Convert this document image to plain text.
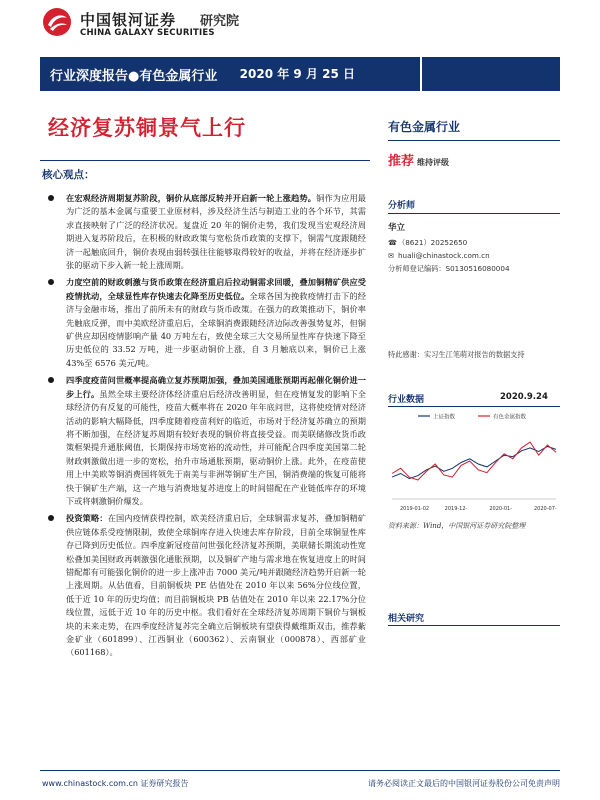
中国银河证券
CHINA GALAXY SECURITIES
研究院
行业深度报告●有色金属行业 2020 年 9 月 25 日
经济复苏铜景气上行
核心观点：
在宏观经济周期复苏阶段，铜价从底部反转并开启新一轮上涨趋势。铜作为应用最为广泛的基本金属与重要工业原材料，涉及经济生活与制造工业的各个环节，其需求直接映射了广泛的经济状况。复盘近 20 年的铜价走势，我们发现当宏观经济周期进入复苏阶段后，在积极的财政政策与宽松货币政策的支撑下，铜需气度跟随经济一起触底回升，铜价表现由弱转强往往能够取得较好的收益，并将在经济逐步扩张的驱动下步入新一轮上涨周期。
力度空前的财政刺激与货币政策在经济重启后拉动铜需求回暖，叠加铜精矿供应受疫情扰动，全球显性库存快速去化降至历史低位。全球各国为挽救疫情打击下的经济与金融市场，推出了前所未有的财政与货币政策。在强力的政策推动下，铜价率先触底反弹，而中美欧经济重启后，全球铜消费跟随经济边际改善强势复苏，但铜矿供应却因疫情影响产量 40 万吨左右，致使全球三大交易所显性库存快速下降至历史低位的 33.52 万吨，进一步驱动铜价上涨，自 3 月触底以来，铜价已上涨 43%至 6576 美元/吨。
四季度疫苗问世概率提高确立复苏预期加强，叠加美国通胀预期再起催化铜价进一步上行。虽然全球主要经济体经济重启后经济改善明显，但在疫情复发的影响下全球经济仍有反复的可能性，疫苗大概率将在 2020 年年底问世，这将使疫情对经济活动的影响大幅降低，四季度随着疫苗利好的临近，市场对于经济复苏确立的预期将不断加强，在经济复苏周期有较好表现的铜价将直接受益。而美联储修改货币政策框架提升通胀阈值，长期保持市场宽裕的流动性，并可能配合四季度美国第二轮财政刺激做出进一步的宽松，抬升市场通胀预期，驱动铜价上涨。此外，在疫苗使用上中美欧等铜消费国将领先于南美与非洲等铜矿生产国，铜消费端的恢复可能将快于铜矿生产端，这一产地与消费地复苏进度上的时间错配在产业链低库存的环境下或将刺激铜价爆发。
投资策略：在国内疫情获得控制，欧美经济重启后，全球铜需求复苏，叠加铜精矿供应链体系受疫情限制，致使全球铜库存进入快速去库存阶段，目前全球铜显性库存已降到历史低位。四季度新冠疫苗问世强化经济复苏预期，美联储长期流动性宽松叠加美国财政再刺激强化通胀预期，以及铜矿产地与需求地在恢复进度上的时间错配都有可能强化铜价的进一步上涨冲击 7000 美元/吨并跟随经济趋势开启新一轮上涨周期。从估值看，目前铜板块 PE 估值处在 2010 年以来 56%分位线位置，低于近 10 年的历史均值；而目前铜板块 PB 估值处在 2010 年以来 22.17%分位线位置，远低于近 10 年的历史中枢。我们看好在全球经济复苏周期下铜价与铜板块的未来走势，在四季度经济复苏完全确立后铜板块有望获得戴维斯双击，推荐紫金矿业（601899）、江西铜业（600362）、云南铜业（000878）、西部矿业（601168）。
有色金属行业
推荐 维持评级
分析师
华立
☎（8621）20252650
✉ huali@chinastock.com.cn
分析师登记编码：S0130516080004
特此感谢：实习生江笔萌对报告的数据支持
行业数据	2020.9.24
上证指数	有色金属指数
2019-01-02	2019-12-	2020-01-	2020-07-
资料来源：Wind，中国银河证券研究院整理
相关研究
www.chinastock.com.cn 证券研究报告	请务必阅读正文最后的中国银河证券股份公司免责声明
